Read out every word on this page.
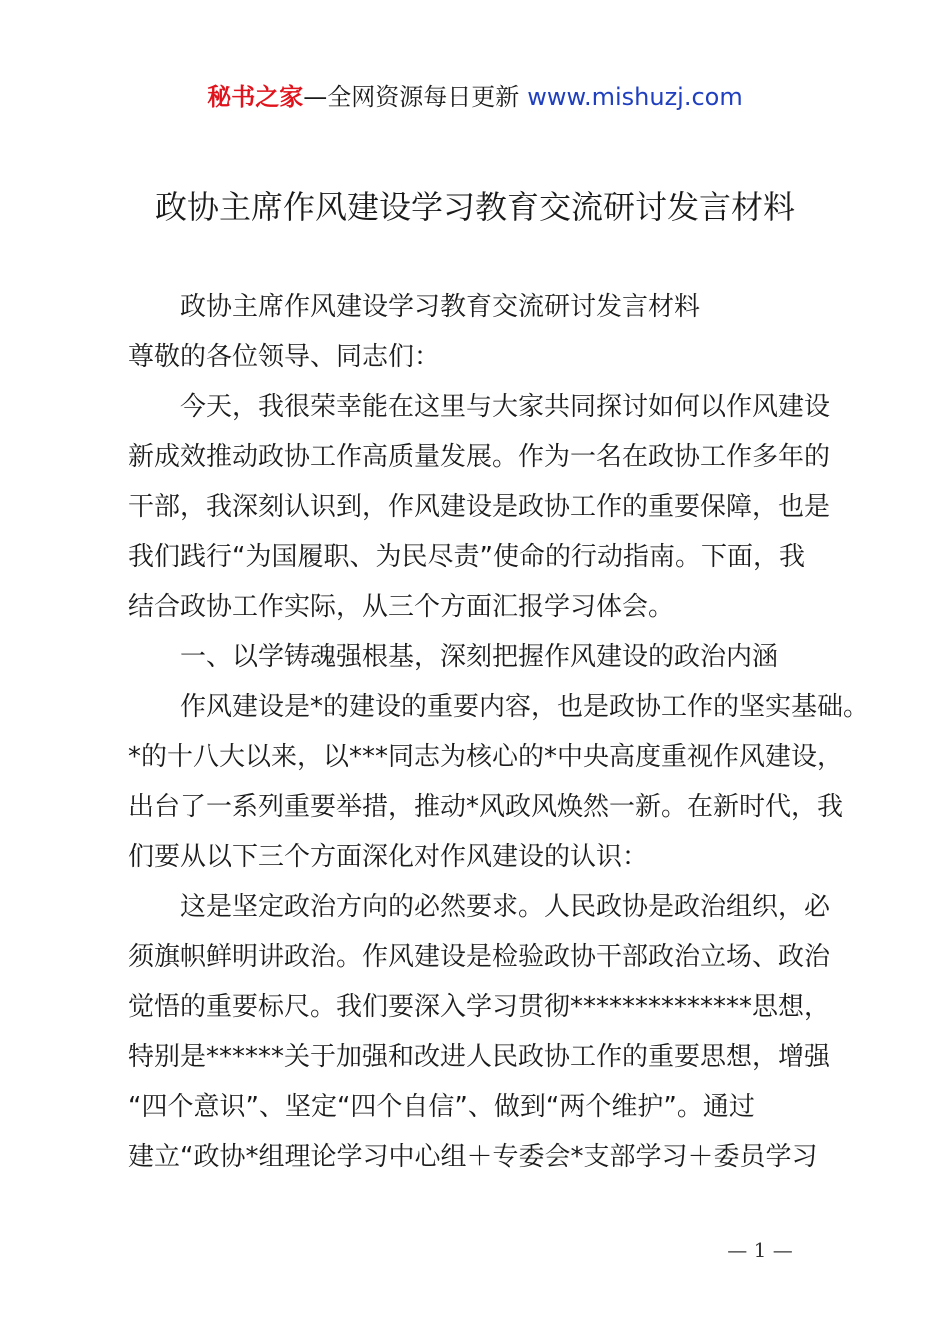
秘书之家—全网资源每日更新 www.mishuzj.com
政协主席作风建设学习教育交流研讨发言材料
政协主席作风建设学习教育交流研讨发言材料
尊敬的各位领导、同志们：
今天，我很荣幸能在这里与大家共同探讨如何以作风建设
新成效推动政协工作高质量发展。作为一名在政协工作多年的
干部，我深刻认识到，作风建设是政协工作的重要保障，也是
我们践行“为国履职、为民尽责”使命的行动指南。下面，我
结合政协工作实际，从三个方面汇报学习体会。
一、以学铸魂强根基，深刻把握作风建设的政治内涵
作风建设是*的建设的重要内容，也是政协工作的坚实基础。
*的十八大以来，以***同志为核心的*中央高度重视作风建设，
出台了一系列重要举措，推动*风政风焕然一新。在新时代，我
们要从以下三个方面深化对作风建设的认识：
这是坚定政治方向的必然要求。人民政协是政治组织，必
须旗帜鲜明讲政治。作风建设是检验政协干部政治立场、政治
觉悟的重要标尺。我们要深入学习贯彻**************思想，
特别是******关于加强和改进人民政协工作的重要思想，增强
“四个意识”、坚定“四个自信”、做到“两个维护”。通过
建立“政协*组理论学习中心组＋专委会*支部学习＋委员学习
— 1 —
